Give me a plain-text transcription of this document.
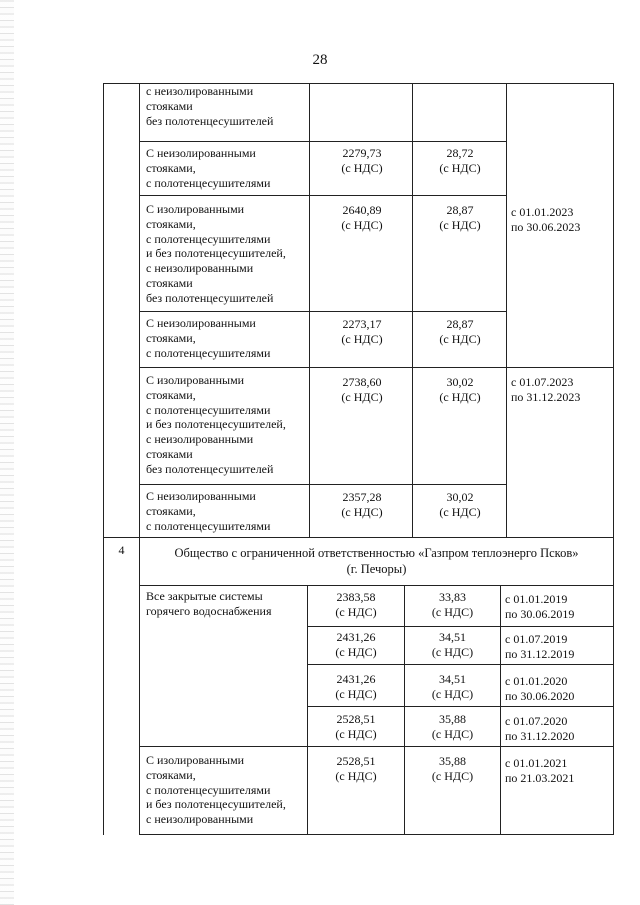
28
с неизолированными
стояками
без полотенцесушителей
С неизолированными
стояками,
с полотенцесушителями
2279,73
(с НДС)
28,72
(с НДС)
С изолированными
стояками,
с полотенцесушителями
и без полотенцесушителей,
с неизолированными
стояками
без полотенцесушителей
2640,89
(с НДС)
28,87
(с НДС)
с 01.01.2023
по 30.06.2023
С неизолированными
стояками,
с полотенцесушителями
2273,17
(с НДС)
28,87
(с НДС)
С изолированными
стояками,
с полотенцесушителями
и без полотенцесушителей,
с неизолированными
стояками
без полотенцесушителей
2738,60
(с НДС)
30,02
(с НДС)
с 01.07.2023
по 31.12.2023
С неизолированными
стояками,
с полотенцесушителями
2357,28
(с НДС)
30,02
(с НДС)
4	Общество с ограниченной ответственностью «Газпром теплоэнерго Псков»
(г. Печоры)
Все закрытые системы
горячего водоснабжения
2383,58
(с НДС)
33,83
(с НДС)
с 01.01.2019
по 30.06.2019
2431,26
(с НДС)
34,51
(с НДС)
с 01.07.2019
по 31.12.2019
2431,26
(с НДС)
34,51
(с НДС)
с 01.01.2020
по 30.06.2020
2528,51
(с НДС)
35,88
(с НДС)
с 01.07.2020
по 31.12.2020
С изолированными
стояками,
с полотенцесушителями
и без полотенцесушителей,
с неизолированными
2528,51
(с НДС)
35,88
(с НДС)
с 01.01.2021
по 21.03.2021
